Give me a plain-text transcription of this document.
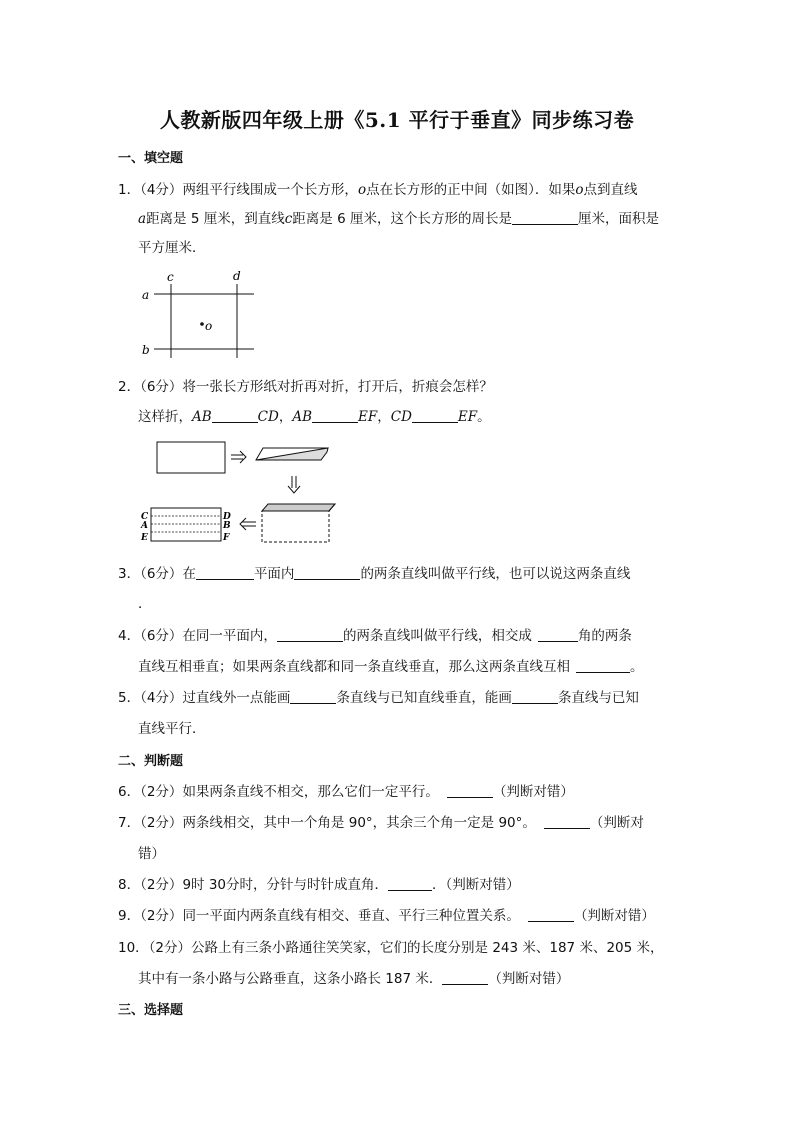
人教新版四年级上册《5.1 平行于垂直》同步练习卷
一、填空题
1．（4分）两组平行线围成一个长方形，o点在长方形的正中间（如图）．如果o点到直线
a距离是 5 厘米，到直线c距离是 6 厘米，这个长方形的周长是	厘米，面积是
平方厘米．
a
b
c	d
o
2．（6分）将一张长方形纸对折再对折，打开后，折痕会怎样？
这样折，AB	CD，AB	EF，CD	EF。
C
A
E
D
B
F
3．（6分）在	平面内	的两条直线叫做平行线，也可以说这两条直线
．
4．（6分）在同一平面内，	的两条直线叫做平行线，相交成	角的两条
直线互相垂直；如果两条直线都和同一条直线垂直，那么这两条直线互相	。
5．（4分）过直线外一点能画	条直线与已知直线垂直，能画	条直线与已知
直线平行．
二、判断题
6．（2分）如果两条直线不相交，那么它们一定平行。	（判断对错）
7．（2分）两条线相交，其中一个角是 90°，其余三个角一定是 90°。	（判断对
错）
8．（2分）9时 30分时，分针与时针成直角．	．（判断对错）
9．（2分）同一平面内两条直线有相交、垂直、平行三种位置关系。	（判断对错）
10．（2分）公路上有三条小路通往笑笑家，它们的长度分别是 243 米、187 米、205 米，
其中有一条小路与公路垂直，这条小路长 187 米．	（判断对错）
三、选择题
